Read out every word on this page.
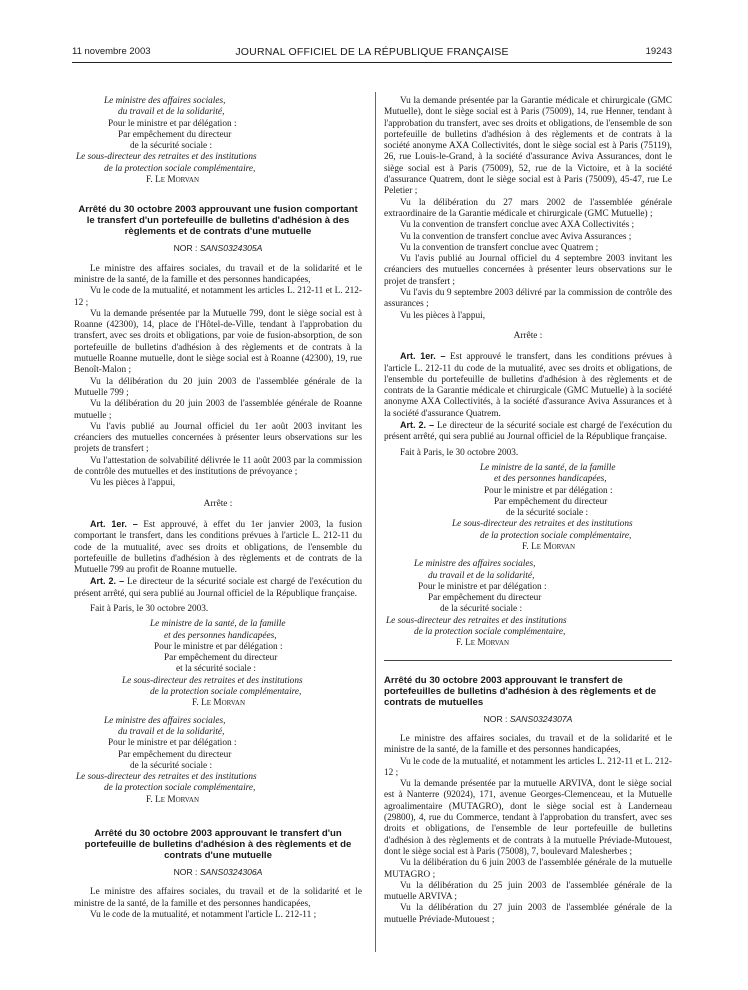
11 novembre 2003	JOURNAL OFFICIEL DE LA RÉPUBLIQUE FRANÇAISE	19243

Le ministre des affaires sociales,

du travail et de la solidarité,

Pour le ministre et par délégation :

Par empêchement du directeur

de la sécurité sociale :

Le sous-directeur des retraites et des institutions

de la protection sociale complémentaire,

F. Le Morvan

Arrêté du 30 octobre 2003 approuvant une fusion comportant le transfert d'un portefeuille de bulletins d'adhésion à des règlements et de contrats d'une mutuelle

NOR : SANS0324305A

Le ministre des affaires sociales, du travail et de la solidarité et le ministre de la santé, de la famille et des personnes handicapées,

Vu le code de la mutualité, et notamment les articles L. 212-11 et L. 212-12 ;

Vu la demande présentée par la Mutuelle 799, dont le siège social est à Roanne (42300), 14, place de l'Hôtel-de-Ville, tendant à l'approbation du transfert, avec ses droits et obligations, par voie de fusion-absorption, de son portefeuille de bulletins d'adhésion à des règlements et de contrats à la mutuelle Roanne mutuelle, dont le siège social est à Roanne (42300), 19, rue Benoît-Malon ;

Vu la délibération du 20 juin 2003 de l'assemblée générale de la Mutuelle 799 ;

Vu la délibération du 20 juin 2003 de l'assemblée générale de Roanne mutuelle ;

Vu l'avis publié au Journal officiel du 1er août 2003 invitant les créanciers des mutuelles concernées à présenter leurs observations sur les projets de transfert ;

Vu l'attestation de solvabilité délivrée le 11 août 2003 par la commission de contrôle des mutuelles et des institutions de prévoyance ;

Vu les pièces à l'appui,

Arrête :

Art. 1er. – Est approuvé, à effet du 1er janvier 2003, la fusion comportant le transfert, dans les conditions prévues à l'article L. 212-11 du code de la mutualité, avec ses droits et obligations, de l'ensemble du portefeuille de bulletins d'adhésion à des règlements et de contrats de la Mutuelle 799 au profit de Roanne mutuelle.

Art. 2. – Le directeur de la sécurité sociale est chargé de l'exécution du présent arrêté, qui sera publié au Journal officiel de la République française.

Fait à Paris, le 30 octobre 2003.

Le ministre de la santé, de la famille

et des personnes handicapées,

Pour le ministre et par délégation :

Par empêchement du directeur

et la sécurité sociale :

Le sous-directeur des retraites et des institutions

de la protection sociale complémentaire,

F. Le Morvan

Le ministre des affaires sociales,

du travail et de la solidarité,

Pour le ministre et par délégation :

Par empêchement du directeur

de la sécurité sociale :

Le sous-directeur des retraites et des institutions

de la protection sociale complémentaire,

F. Le Morvan

Arrêté du 30 octobre 2003 approuvant le transfert d'un portefeuille de bulletins d'adhésion à des règlements et de contrats d'une mutuelle

NOR : SANS0324306A

Le ministre des affaires sociales, du travail et de la solidarité et le ministre de la santé, de la famille et des personnes handicapées,

Vu le code de la mutualité, et notamment l'article L. 212-11 ;

Vu la demande présentée par la Garantie médicale et chirurgicale (GMC Mutuelle), dont le siège social est à Paris (75009), 14, rue Henner, tendant à l'approbation du transfert, avec ses droits et obligations, de l'ensemble de son portefeuille de bulletins d'adhésion à des règlements et de contrats à la société anonyme AXA Collectivités, dont le siège social est à Paris (75119), 26, rue Louis-le-Grand, à la société d'assurance Aviva Assurances, dont le siège social est à Paris (75009), 52, rue de la Victoire, et à la société d'assurance Quatrem, dont le siège social est à Paris (75009), 45-47, rue Le Peletier ;

Vu la délibération du 27 mars 2002 de l'assemblée générale extraordinaire de la Garantie médicale et chirurgicale (GMC Mutuelle) ;

Vu la convention de transfert conclue avec AXA Collectivités ;

Vu la convention de transfert conclue avec Aviva Assurances ;

Vu la convention de transfert conclue avec Quatrem ;

Vu l'avis publié au Journal officiel du 4 septembre 2003 invitant les créanciers des mutuelles concernées à présenter leurs observations sur le projet de transfert ;

Vu l'avis du 9 septembre 2003 délivré par la commission de contrôle des assurances ;

Vu les pièces à l'appui,

Arrête :

Art. 1er. – Est approuvé le transfert, dans les conditions prévues à l'article L. 212-11 du code de la mutualité, avec ses droits et obligations, de l'ensemble du portefeuille de bulletins d'adhésion à des règlements et de contrats de la Garantie médicale et chirurgicale (GMC Mutuelle) à la société anonyme AXA Collectivités, à la société d'assurance Aviva Assurances et à la société d'assurance Quatrem.

Art. 2. – Le directeur de la sécurité sociale est chargé de l'exécution du présent arrêté, qui sera publié au Journal officiel de la République française.

Fait à Paris, le 30 octobre 2003.

Le ministre de la santé, de la famille

et des personnes handicapées,

Pour le ministre et par délégation :

Par empêchement du directeur

de la sécurité sociale :

Le sous-directeur des retraites et des institutions

de la protection sociale complémentaire,

F. Le Morvan

Le ministre des affaires sociales,

du travail et de la solidarité,

Pour le ministre et par délégation :

Par empêchement du directeur

de la sécurité sociale :

Le sous-directeur des retraites et des institutions

de la protection sociale complémentaire,

F. Le Morvan

Arrêté du 30 octobre 2003 approuvant le transfert de portefeuilles de bulletins d'adhésion à des règlements et de contrats de mutuelles

NOR : SANS0324307A

Le ministre des affaires sociales, du travail et de la solidarité et le ministre de la santé, de la famille et des personnes handicapées,

Vu le code de la mutualité, et notamment les articles L. 212-11 et L. 212-12 ;

Vu la demande présentée par la mutuelle ARVIVA, dont le siège social est à Nanterre (92024), 171, avenue Georges-Clemenceau, et la Mutuelle agroalimentaire (MUTAGRO), dont le siège social est à Landerneau (29800), 4, rue du Commerce, tendant à l'approbation du transfert, avec ses droits et obligations, de l'ensemble de leur portefeuille de bulletins d'adhésion à des règlements et de contrats à la mutuelle Préviade-Mutouest, dont le siège social est à Paris (75008), 7, boulevard Malesherbes ;

Vu la délibération du 6 juin 2003 de l'assemblée générale de la mutuelle MUTAGRO ;

Vu la délibération du 25 juin 2003 de l'assemblée générale de la mutuelle ARVIVA ;

Vu la délibération du 27 juin 2003 de l'assemblée générale de la mutuelle Préviade-Mutouest ;
